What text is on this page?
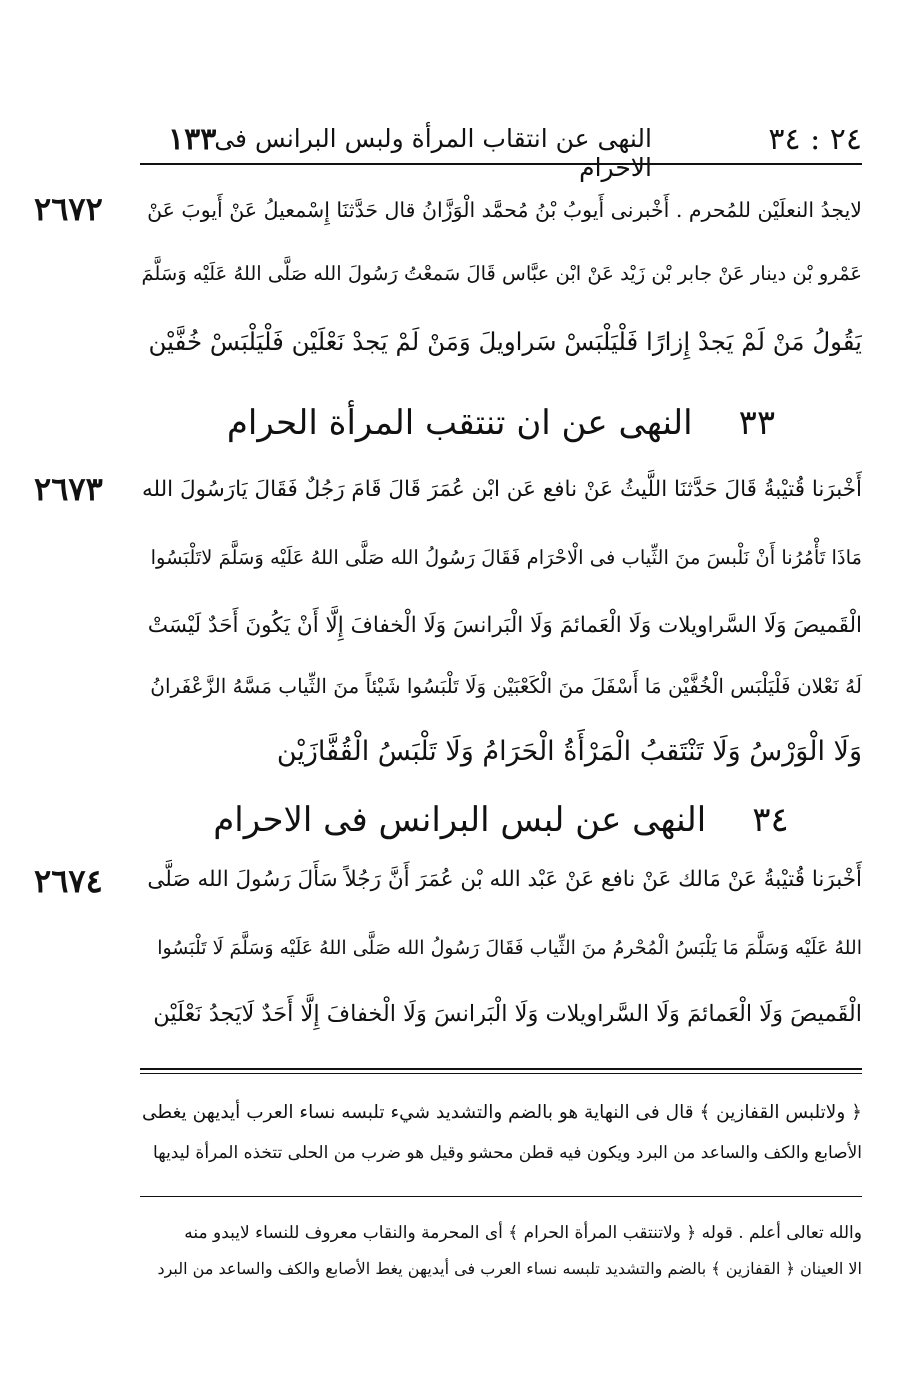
٢٤ : ٣٤
النهى عن انتقاب المرأة ولبس البرانس فى الاحرام
١٣٣
٢٦٧٢	لايجدُ النعلَيْن للمُحرم . أَخْبرنى أَيوبُ بْنُ مُحمَّد الْوَزَّانُ قال حَدَّثنَا إِسْمعيلُ عَنْ أَيوبَ عَنْ
عَمْرو بْن دينار عَنْ جابر بْن زَيْد عَنْ ابْن عبَّاس قَالَ سَمعْتُ رَسُولَ الله صَلَّى اللهُ عَلَيْه وَسَلَّمَ
يَقُولُ مَنْ لَمْ يَجدْ إِزارًا فَلْيَلْبَسْ سَراويلَ وَمَنْ لَمْ يَجدْ نَعْلَيْن فَلْيَلْبَسْ خُفَّيْن
٣٣النهى عن ان تنتقب المرأة الحرام
٢٦٧٣ أَخْبرَنا قُتيْبةُ قَالَ حَدَّثنَا اللَّيثُ عَنْ نافع عَن ابْن عُمَرَ قَالَ قَامَ رَجُلٌ فَقَالَ يَارَسُولَ الله
مَاذَا تَأْمُرُنا أَنْ نَلْبسَ منَ الثِّياب فى الْاحْرَام فَقَالَ رَسُولُ الله صَلَّى اللهُ عَلَيْه وَسَلَّمَ لاتَلْبَسُوا
الْقَميصَ وَلَا السَّراويلات وَلَا الْعَمائمَ وَلَا الْبَرانسَ وَلَا الْخفافَ إِلَّا أَنْ يَكُونَ أَحَدٌ لَيْسَتْ
لَهُ نَعْلان فَلْيَلْبَس الْخُفَّيْن مَا أَسْفَلَ منَ الْكَعْبَيْن وَلَا تَلْبَسُوا شَيْئاً منَ الثِّياب مَسَّهُ الزَّعْفَرانُ
وَلَا الْوَرْسُ وَلَا تَنْتَقبُ الْمَرْأَةُ الْحَرَامُ وَلَا تَلْبَسُ الْقُفَّازَيْن
٣٤النهى عن لبس البرانس فى الاحرام
٢٦٧٤	أَخْبرَنا قُتيْبةُ عَنْ مَالك عَنْ نافع عَنْ عَبْد الله بْن عُمَرَ أَنَّ رَجُلاً سَأَلَ رَسُولَ الله صَلَّى
اللهُ عَلَيْه وَسَلَّمَ مَا يَلْبَسُ الْمُحْرمُ منَ الثِّياب فَقَالَ رَسُولُ الله صَلَّى اللهُ عَلَيْه وَسَلَّمَ لَا تَلْبَسُوا
الْقَميصَ وَلَا الْعَمائمَ وَلَا السَّراويلات وَلَا الْبَرانسَ وَلَا الْخفافَ إِلَّا أَحَدٌ لَايَجدُ نَعْلَيْن
﴿ ولاتلبس القفازين ﴾ قال فى النهاية هو بالضم والتشديد شيء تلبسه نساء العرب أيديهن يغطى
الأصابع والكف والساعد من البرد ويكون فيه قطن محشو وقيل هو ضرب من الحلى تتخذه المرأة ليديها
والله تعالى أعلم . قوله ﴿ ولاتنتقب المرأة الحرام ﴾ أى المحرمة والنقاب معروف للنساء لايبدو منه
الا العينان ﴿ القفازين ﴾ بالضم والتشديد تلبسه نساء العرب فى أيديهن يغط الأصابع والكف والساعد من البرد
